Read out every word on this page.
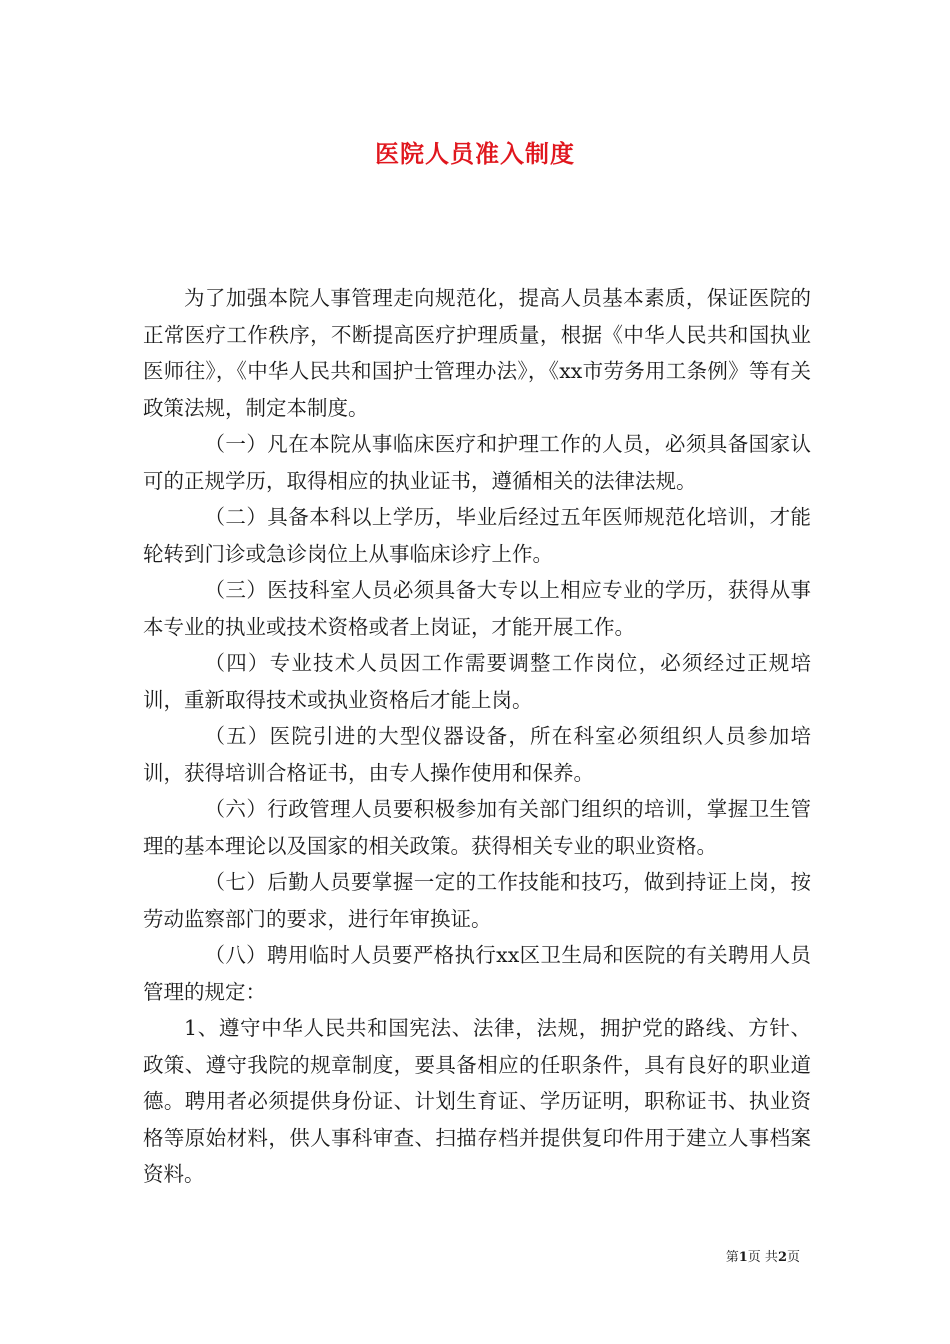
医院人员准入制度

为了加强本院人事管理走向规范化，提高人员基本素质，保证医院的正常医疗工作秩序，不断提高医疗护理质量，根据《中华人民共和国执业医师往》，《中华人民共和国护士管理办法》，《xx市劳务用工条例》等有关政策法规，制定本制度。

（一）凡在本院从事临床医疗和护理工作的人员，必须具备国家认可的正规学历，取得相应的执业证书，遵循相关的法律法规。

（二）具备本科以上学历，毕业后经过五年医师规范化培训，才能轮转到门诊或急诊岗位上从事临床诊疗上作。

（三）医技科室人员必须具备大专以上相应专业的学历，获得从事本专业的执业或技术资格或者上岗证，才能开展工作。

（四）专业技术人员因工作需要调整工作岗位，必须经过正规培训，重新取得技术或执业资格后才能上岗。

（五）医院引进的大型仪器设备，所在科室必须组织人员参加培训，获得培训合格证书，由专人操作使用和保养。

（六）行政管理人员要积极参加有关部门组织的培训，掌握卫生管理的基本理论以及国家的相关政策。获得相关专业的职业资格。

（七）后勤人员要掌握一定的工作技能和技巧，做到持证上岗，按劳动监察部门的要求，进行年审换证。

（八）聘用临时人员要严格执行xx区卫生局和医院的有关聘用人员管理的规定：

1、遵守中华人民共和国宪法、法律，法规，拥护党的路线、方针、政策、遵守我院的规章制度，要具备相应的任职条件，具有良好的职业道德。聘用者必须提供身份证、计划生育证、学历证明，职称证书、执业资格等原始材料，供人事科审查、扫描存档并提供复印件用于建立人事档案资料。

第1页 共2页
